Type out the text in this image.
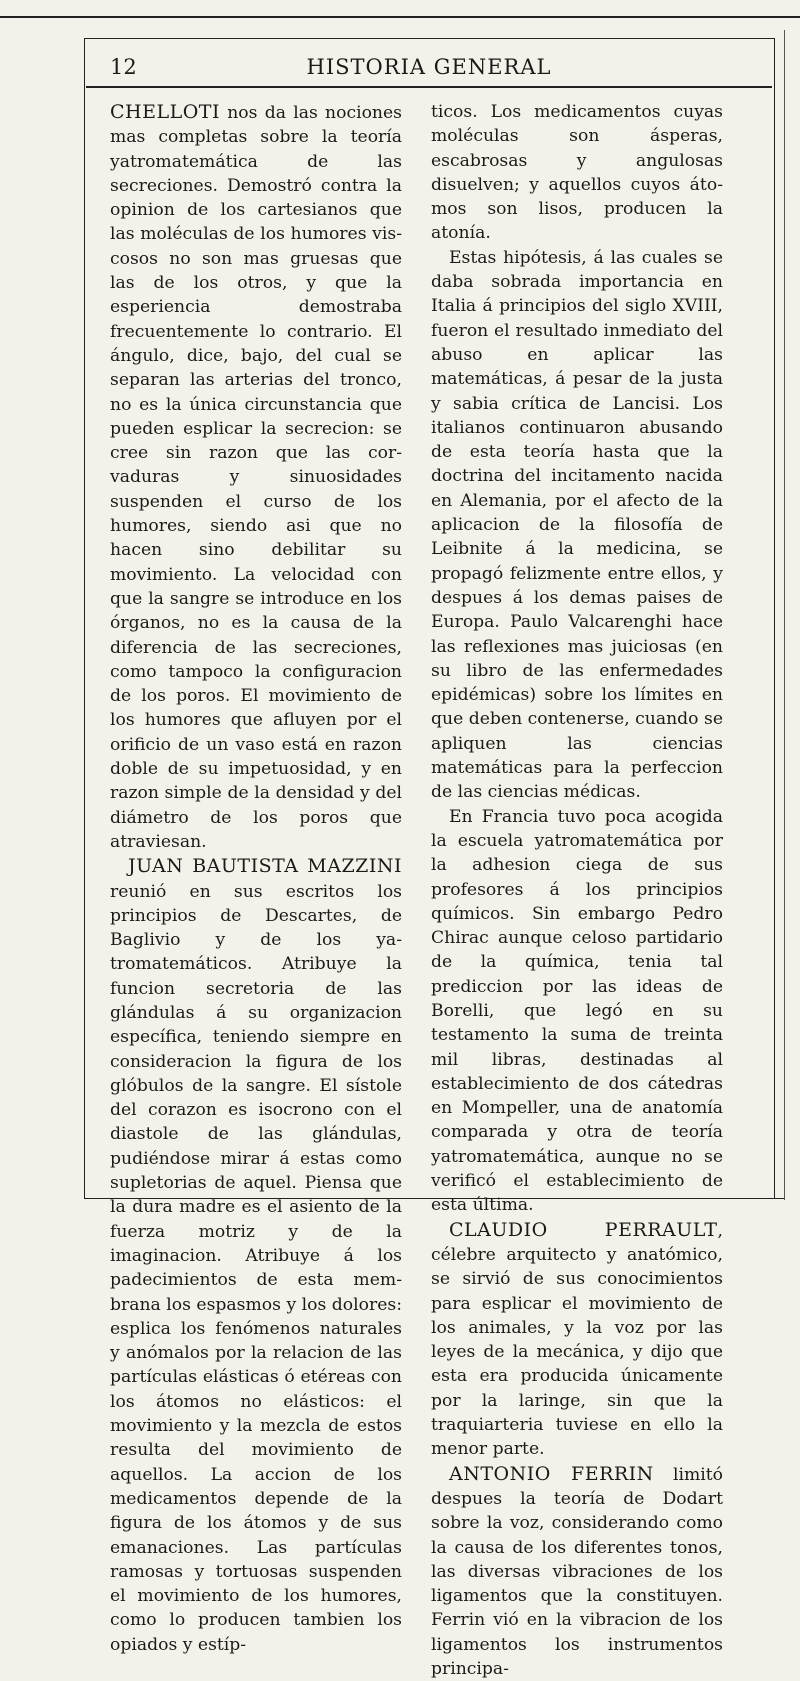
12	HISTORIA GENERAL

CHELLOTI nos da las nociones mas completas sobre la teoría yatromatemática de las secreciones. Demostró contra la opinion de los cartesianos que las moléculas de los humores viscosos no son mas gruesas que las de los otros, y que la esperiencia demostraba frecuentemente lo contrario. El ángulo, dice, bajo, del cual se separan las arterias del tronco, no es la única circunstancia que pueden esplicar la secrecion: se cree sin razon que las corvaduras y sinuosidades suspenden el curso de los humores, siendo asi que no hacen sino debilitar su movimiento. La velocidad con que la sangre se introduce en los órganos, no es la causa de la diferencia de las secreciones, como tampoco la configuracion de los poros. El movimiento de los humores que afluyen por el orificio de un vaso está en razon doble de su impetuosidad, y en razon simple de la densidad y del diámetro de los poros que atraviesan.

JUAN BAUTISTA MAZZINI reunió en sus escritos los principios de Descartes, de Baglivio y de los yatromatemáticos. Atribuye la funcion secretoria de las glándulas á su organizacion específica, teniendo siempre en consideracion la figura de los glóbulos de la sangre. El sístole del corazon es isocrono con el diastole de las glándulas, pudiéndose mirar á estas como supletorias de aquel. Piensa que la dura madre es el asiento de la fuerza motriz y de la imaginacion. Atribuye á los padecimientos de esta membrana los espasmos y los dolores: esplica los fenómenos naturales y anómalos por la relacion de las partículas elásticas ó etéreas con los átomos no elásticos: el movimiento y la mezcla de estos resulta del movimiento de aquellos. La accion de los medicamentos depende de la figura de los átomos y de sus emanaciones. Las partículas ramosas y tortuosas suspenden el movimiento de los humores, como lo producen tambien los opiados y estíp-

ticos. Los medicamentos cuyas moléculas son ásperas, escabrosas y angulosas disuelven; y aquellos cuyos átomos son lisos, producen la atonía.

Estas hipótesis, á las cuales se daba sobrada importancia en Italia á principios del siglo XVIII, fueron el resultado inmediato del abuso en aplicar las matemáticas, á pesar de la justa y sabia crítica de Lancisi. Los italianos continuaron abusando de esta teoría hasta que la doctrina del incitamento nacida en Alemania, por el afecto de la aplicacion de la filosofía de Leibnite á la medicina, se propagó felizmente entre ellos, y despues á los demas paises de Europa. Paulo Valcarenghi hace las reflexiones mas juiciosas (en su libro de las enfermedades epidémicas) sobre los límites en que deben contenerse, cuando se apliquen las ciencias matemáticas para la perfeccion de las ciencias médicas.

En Francia tuvo poca acogida la escuela yatromatemática por la adhesion ciega de sus profesores á los principios químicos. Sin embargo Pedro Chirac aunque celoso partidario de la química, tenia tal prediccion por las ideas de Borelli, que legó en su testamento la suma de treinta mil libras, destinadas al establecimiento de dos cátedras en Mompeller, una de anatomía comparada y otra de teoría yatromatemática, aunque no se verificó el establecimiento de esta última.

CLAUDIO PERRAULT, célebre arquitecto y anatómico, se sirvió de sus conocimientos para esplicar el movimiento de los animales, y la voz por las leyes de la mecánica, y dijo que esta era producida únicamente por la laringe, sin que la traquiarteria tuviese en ello la menor parte.

ANTONIO FERRIN limitó despues la teoría de Dodart sobre la voz, considerando como la causa de los diferentes tonos, las diversas vibraciones de los ligamentos que la constituyen. Ferrin vió en la vibracion de los ligamentos los instrumentos principa-
